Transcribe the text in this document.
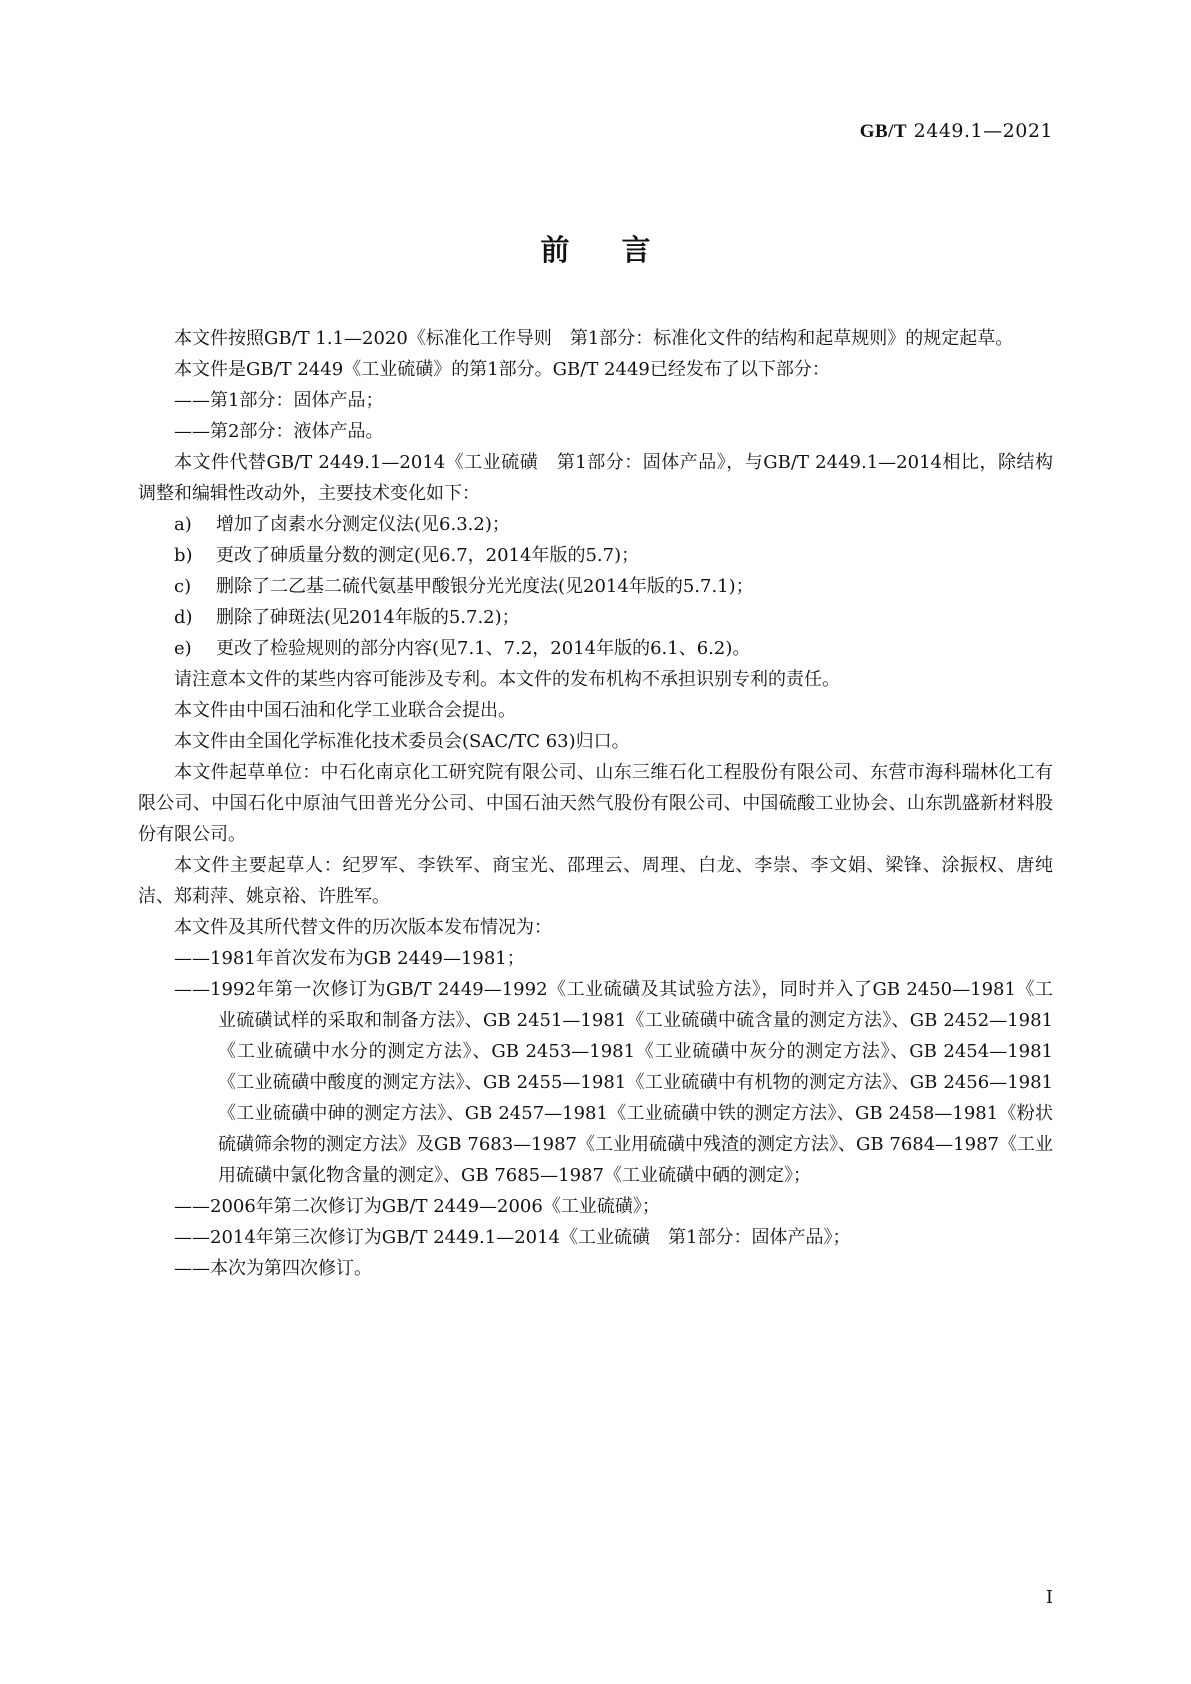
GB/T 2449.1—2021
前言

本文件按照GB/T 1.1—2020《标准化工作导则　第1部分：标准化文件的结构和起草规则》的规定起草。

本文件是GB/T 2449《工业硫磺》的第1部分。GB/T 2449已经发布了以下部分：

——第1部分：固体产品；

——第2部分：液体产品。

本文件代替GB/T 2449.1—2014《工业硫磺　第1部分：固体产品》，与GB/T 2449.1—2014相比，除结构调整和编辑性改动外，主要技术变化如下：

a)	增加了卤素水分测定仪法(见6.3.2)；
b)	更改了砷质量分数的测定(见6.7，2014年版的5.7)；
c)	删除了二乙基二硫代氨基甲酸银分光光度法(见2014年版的5.7.1)；
d)	删除了砷斑法(见2014年版的5.7.2)；
e)	更改了检验规则的部分内容(见7.1、7.2，2014年版的6.1、6.2)。

请注意本文件的某些内容可能涉及专利。本文件的发布机构不承担识别专利的责任。

本文件由中国石油和化学工业联合会提出。

本文件由全国化学标准化技术委员会(SAC/TC 63)归口。

本文件起草单位：中石化南京化工研究院有限公司、山东三维石化工程股份有限公司、东营市海科瑞林化工有限公司、中国石化中原油气田普光分公司、中国石油天然气股份有限公司、中国硫酸工业协会、山东凯盛新材料股份有限公司。

本文件主要起草人：纪罗军、李铁军、商宝光、邵理云、周理、白龙、李崇、李文娟、梁锋、涂振权、唐纯洁、郑莉萍、姚京裕、许胜军。

本文件及其所代替文件的历次版本发布情况为：

——1981年首次发布为GB 2449—1981；

——1992年第一次修订为GB/T 2449—1992《工业硫磺及其试验方法》，同时并入了GB 2450—1981《工业硫磺试样的采取和制备方法》、GB 2451—1981《工业硫磺中硫含量的测定方法》、GB 2452—1981《工业硫磺中水分的测定方法》、GB 2453—1981《工业硫磺中灰分的测定方法》、GB 2454—1981《工业硫磺中酸度的测定方法》、GB 2455—1981《工业硫磺中有机物的测定方法》、GB 2456—1981《工业硫磺中砷的测定方法》、GB 2457—1981《工业硫磺中铁的测定方法》、GB 2458—1981《粉状硫磺筛余物的测定方法》及GB 7683—1987《工业用硫磺中残渣的测定方法》、GB 7684—1987《工业用硫磺中氯化物含量的测定》、GB 7685—1987《工业硫磺中硒的测定》；

——2006年第二次修订为GB/T 2449—2006《工业硫磺》；

——2014年第三次修订为GB/T 2449.1—2014《工业硫磺　第1部分：固体产品》；

——本次为第四次修订。

I
